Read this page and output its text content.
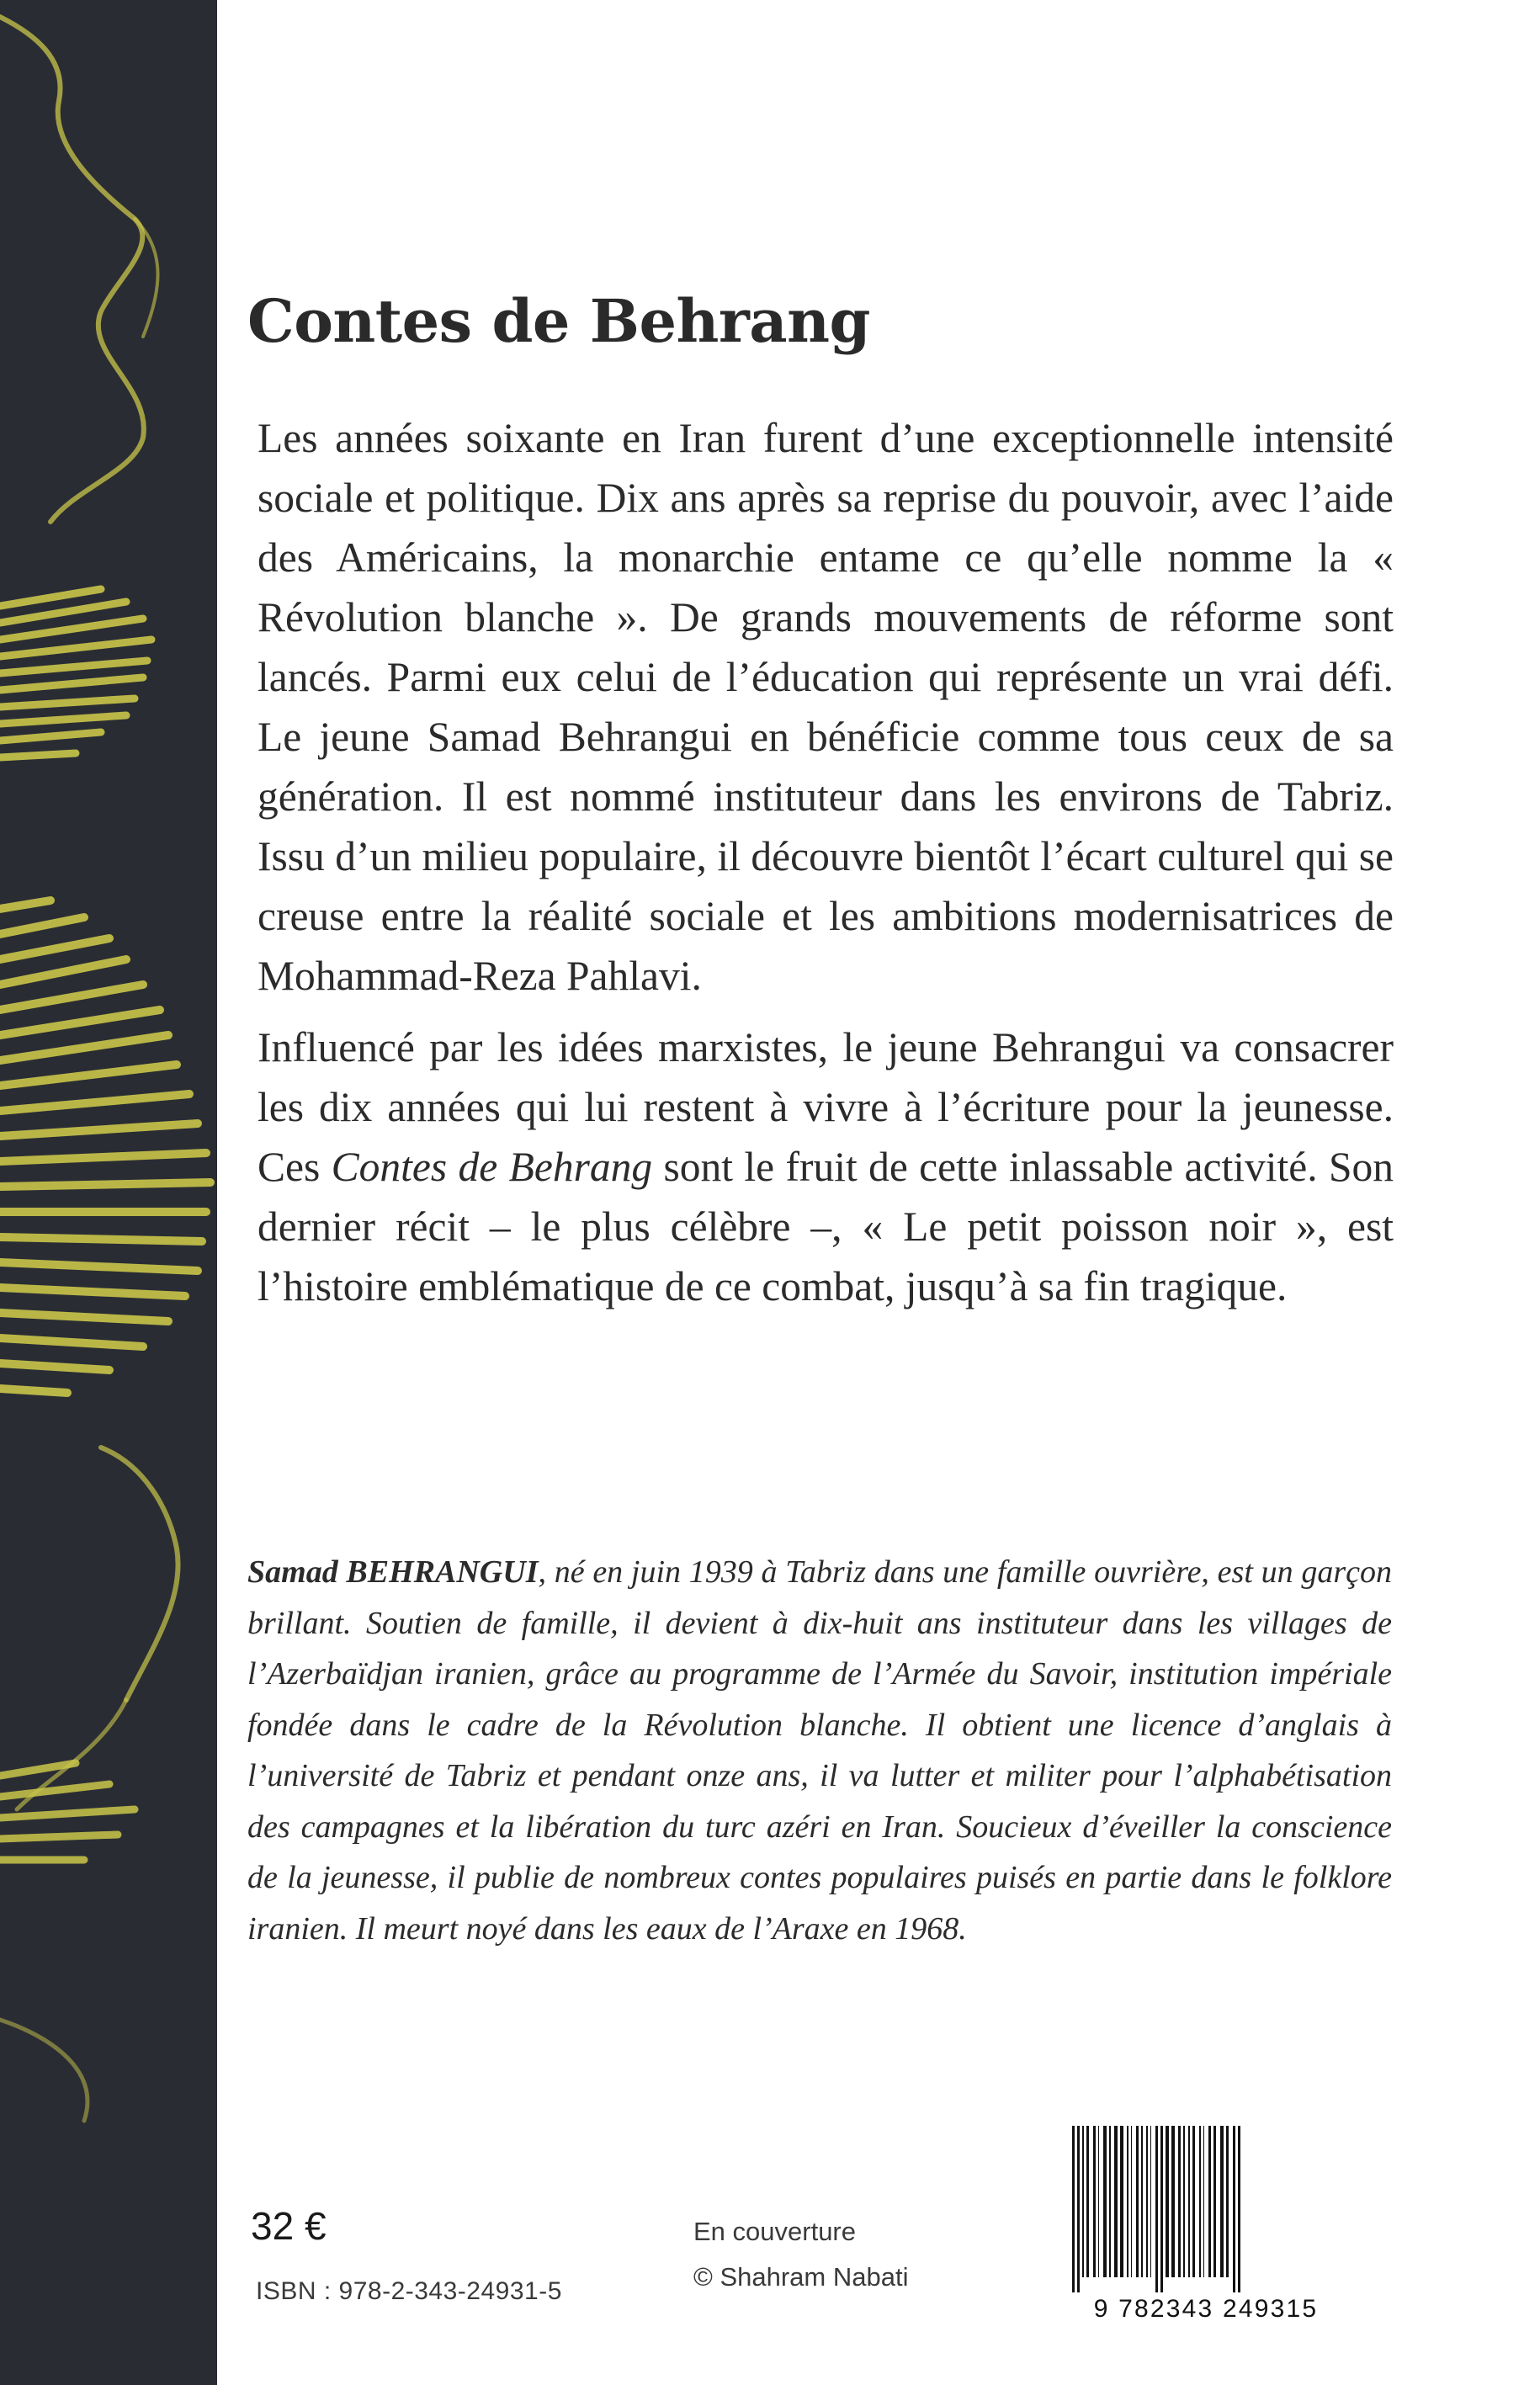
Contes de Behrang

Les années soixante en Iran furent d’une exceptionnelle intensité sociale et politique. Dix ans après sa reprise du pouvoir, avec l’aide des Américains, la monarchie entame ce qu’elle nomme la « Révolution blanche ». De grands mouvements de réforme sont lancés. Parmi eux celui de l’éducation qui représente un vrai défi. Le jeune Samad Behrangui en bénéficie comme tous ceux de sa génération. Il est nommé instituteur dans les environs de Tabriz. Issu d’un milieu populaire, il découvre bientôt l’écart culturel qui se creuse entre la réalité sociale et les ambitions modernisatrices de Mohammad-Reza Pahlavi.

Influencé par les idées marxistes, le jeune Behrangui va consacrer les dix années qui lui restent à vivre à l’écriture pour la jeunesse. Ces Contes de Behrang sont le fruit de cette inlassable activité. Son dernier récit – le plus célèbre –, « Le petit poisson noir », est l’histoire emblématique de ce combat, jusqu’à sa fin tragique.

Samad BEHRANGUI, né en juin 1939 à Tabriz dans une famille ouvrière, est un garçon brillant. Soutien de famille, il devient à dix-huit ans instituteur dans les villages de l’Azerbaïdjan iranien, grâce au programme de l’Armée du Savoir, institution impériale fondée dans le cadre de la Révolution blanche. Il obtient une licence d’anglais à l’université de Tabriz et pendant onze ans, il va lutter et militer pour l’alphabétisation des campagnes et la libération du turc azéri en Iran. Soucieux d’éveiller la conscience de la jeunesse, il publie de nombreux contes populaires puisés en partie dans le folklore iranien. Il meurt noyé dans les eaux de l’Araxe en 1968.

32 €
ISBN : 978-2-343-24931-5
En couverture
© Shahram Nabati
9 782343 249315
